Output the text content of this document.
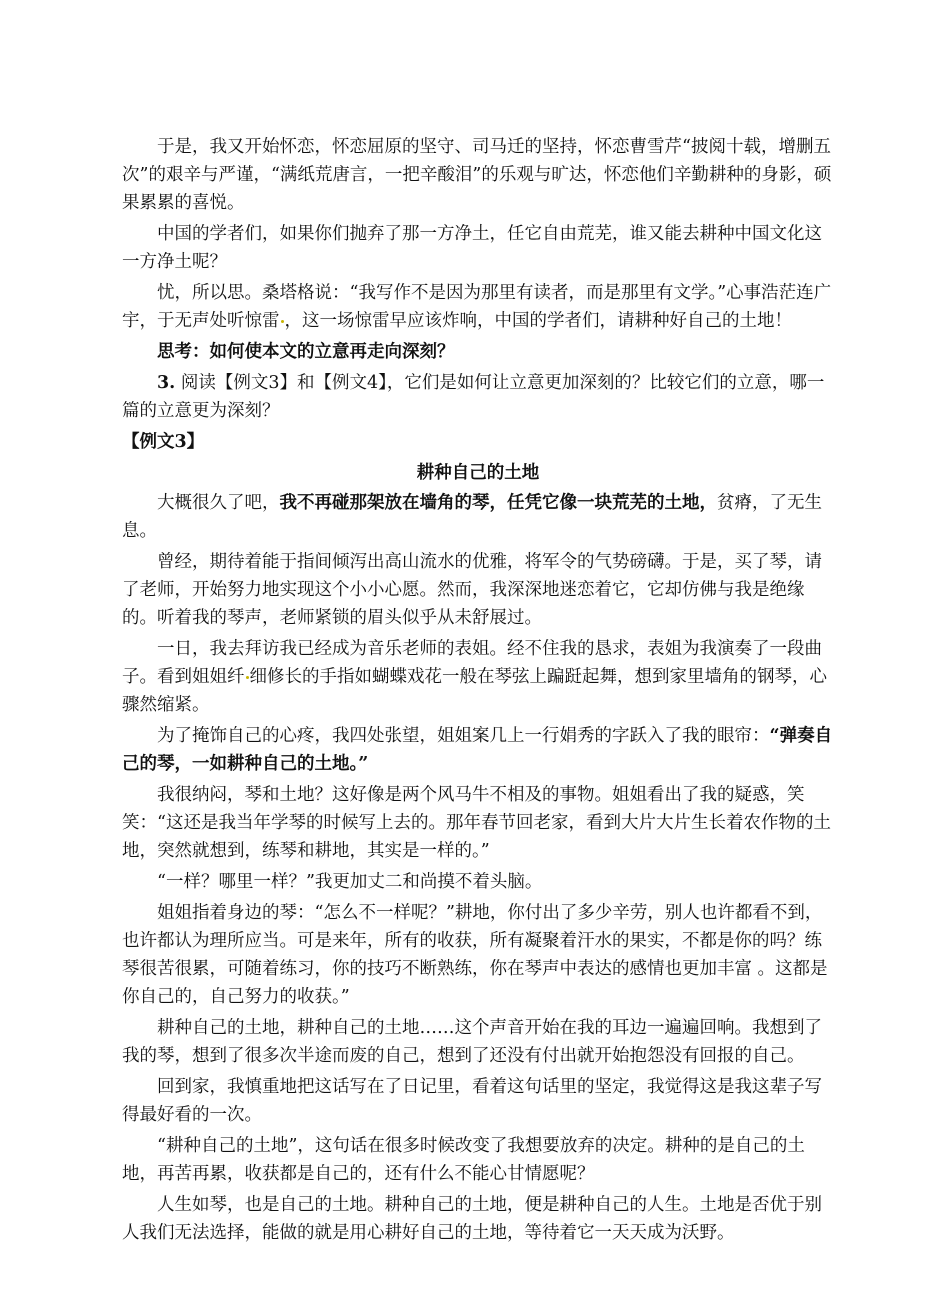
于是，我又开始怀恋，怀恋屈原的坚守、司马迁的坚持，怀恋曹雪芹“披阅十载，增删五次”的艰辛与严谨，“满纸荒唐言，一把辛酸泪”的乐观与旷达，怀恋他们辛勤耕种的身影，硕果累累的喜悦。

中国的学者们，如果你们抛弃了那一方净土，任它自由荒芜，谁又能去耕种中国文化这一方净土呢？

忧，所以思。桑塔格说：“我写作不是因为那里有读者，而是那里有文学。”心事浩茫连广宇，于无声处听惊雷 ，这一场惊雷早应该炸响，中国的学者们，请耕种好自己的土地！

思考：如何使本文的立意再走向深刻？

3. 阅读【例文3】和【例文4】，它们是如何让立意更加深刻的？比较它们的立意，哪一篇的立意更为深刻？

【例文3】

耕种自己的土地

大概很久了吧，我不再碰那架放在墙角的琴，任凭它像一块荒芜的土地，贫瘠，了无生息。

曾经，期待着能于指间倾泻出高山流水的优雅，将军令的气势磅礴。于是，买了琴，请了老师，开始努力地实现这个小小心愿。然而，我深深地迷恋着它，它却仿佛与我是绝缘的。听着我的琴声，老师紧锁的眉头似乎从未舒展过。

一日，我去拜访我已经成为音乐老师的表姐。经不住我的恳求，表姐为我演奏了一段曲子。看到姐姐纤 细修长的手指如蝴蝶戏花一般在琴弦上蹁跹起舞，想到家里墙角的钢琴，心骤然缩紧。

为了掩饰自己的心疼，我四处张望，姐姐案几上一行娟秀的字跃入了我的眼帘：“弹奏自己的琴，一如耕种自己的土地。”

我很纳闷，琴和土地？这好像是两个风马牛不相及的事物。姐姐看出了我的疑惑，笑笑：“这还是我当年学琴的时候写上去的。那年春节回老家，看到大片大片生长着农作物的土地，突然就想到，练琴和耕地，其实是一样的。”

“一样？哪里一样？”我更加丈二和尚摸不着头脑。

姐姐指着身边的琴：“怎么不一样呢？”耕地，你付出了多少辛劳，别人也许都看不到，也许都认为理所应当。可是来年，所有的收获，所有凝聚着汗水的果实，不都是你的吗？练琴很苦很累，可随着练习，你的技巧不断熟练，你在琴声中表达的感情也更加丰富 。这都是你自己的，自己努力的收获。”

耕种自己的土地，耕种自己的土地……这个声音开始在我的耳边一遍遍回响。我想到了我的琴，想到了很多次半途而废的自己，想到了还没有付出就开始抱怨没有回报的自己。

回到家，我慎重地把这话写在了日记里，看着这句话里的坚定，我觉得这是我这辈子写得最好看的一次。

“耕种自己的土地”，这句话在很多时候改变了我想要放弃的决定。耕种的是自己的土地，再苦再累，收获都是自己的，还有什么不能心甘情愿呢？

人生如琴，也是自己的土地。耕种自己的土地，便是耕种自己的人生。土地是否优于别人我们无法选择，能做的就是用心耕好自己的土地，等待着它一天天成为沃野。
